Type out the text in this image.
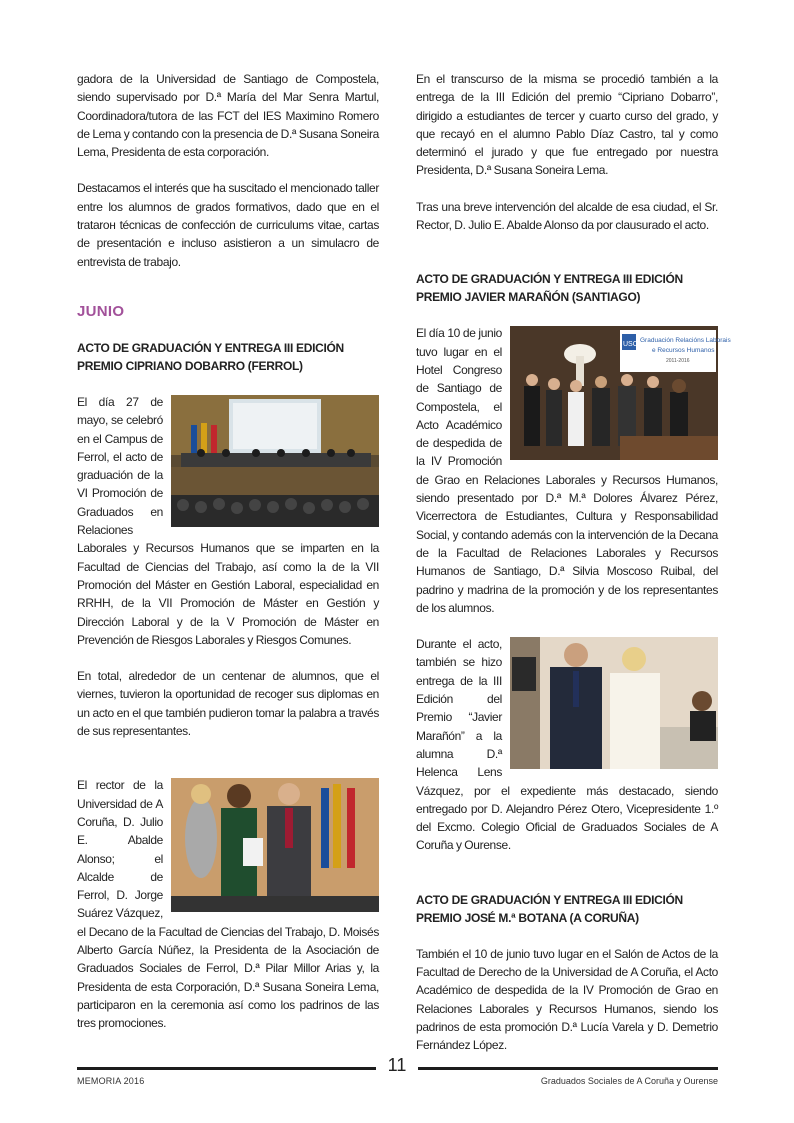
gadora de la Universidad de Santiago de Compostela, siendo supervisado por D.ª María del Mar Senra Martul, Coordinadora/tutora de las FCT del IES Maximino Romero de Lema y contando con la presencia de D.ª Susana Soneira Lema, Presidenta de esta corporación.

Destacamos el interés que ha suscitado el mencionado taller entre los alumnos de grados formativos, dado que en el tratarон técnicas de confección de curriculums vitae, cartas de presentación e incluso asistieron a un simulacro de entrevista de trabajo.

JUNIO
ACTO DE GRADUACIÓN Y ENTREGA III EDICIÓN PREMIO CIPRIANO DOBARRO (FERROL)

El día 27 de mayo, se celebró en el Campus de Ferrol, el acto de graduación de la VI Promoción de Graduados en Relaciones Laborales y Recursos Humanos que se imparten en la Facultad de Ciencias del Trabajo, así como la de la VII Promoción del Máster en Gestión Laboral, especialidad en RRHH, de la VII Promoción de Máster en Gestión y Dirección Laboral y de la V Promoción de Máster en Prevención de Riesgos Laborales y Riesgos Comunes.

En total, alrededor de un centenar de alumnos, que el viernes, tuvieron la oportunidad de recoger sus diplomas en un acto en el que también pudieron tomar la palabra a través de sus representantes.

El rector de la Universidad de A Coruña, D. Julio E. Abalde Alonso; el Alcalde de Ferrol, D. Jorge Suárez Vázquez, el Decano de la Facultad de Ciencias del Trabajo, D. Moisés Alberto García Núñez, la Presidenta de la Asociación de Graduados Sociales de Ferrol, D.ª Pilar Millor Arias y, la Presidenta de esta Corporación, D.ª Susana Soneira Lema, participaron en la ceremonia así como los padrinos de las tres promociones.

En el transcurso de la misma se procedió también a la entrega de la III Edición del premio “Cipriano Dobarro”, dirigido a estudiantes de tercer y cuarto curso del grado, y que recayó en el alumno Pablo Díaz Castro, tal y como determinó el jurado y que fue entregado por nuestra Presidenta, D.ª Susana Soneira Lema.

Tras una breve intervención del alcalde de esa ciudad, el Sr. Rector, D. Julio E. Abalde Alonso da por clausurado el acto.

ACTO DE GRADUACIÓN Y ENTREGA III EDICIÓN PREMIO JAVIER MARAÑÓN (SANTIAGO)
USC
Graduación Relacións Laborais
e Recursos Humanos
2011-2016

El día 10 de junio tuvo lugar en el Hotel Congreso de Santiago de Compostela, el Acto Académico de despedida de la IV Promoción de Grao en Relaciones Laborales y Recursos Humanos, siendo presentado por D.ª M.ª Dolores Álvarez Pérez, Vicerrectora de Estudiantes, Cultura y Responsabilidad Social, y contando además con la intervención de la Decana de la Facultad de Relaciones Laborales y Recursos Humanos de Santiago, D.ª Silvia Moscoso Ruibal, del padrino y madrina de la promoción y de los representantes de los alumnos.

Durante el acto, también se hizo entrega de la III Edición del Premio “Javier Marañón” a la alumna D.ª Helenca Lens Vázquez, por el expediente más destacado, siendo entregado por D. Alejandro Pérez Otero, Vicepresidente 1.º del Excmo. Colegio Oficial de Graduados Sociales de A Coruña y Ourense.

ACTO DE GRADUACIÓN Y ENTREGA III EDICIÓN PREMIO JOSÉ M.ª BOTANA (A CORUÑA)

También el 10 de junio tuvo lugar en el Salón de Actos de la Facultad de Derecho de la Universidad de A Coruña, el Acto Académico de despedida de la IV Promoción de Grao en Relaciones Laborales y Recursos Humanos, siendo los padrinos de esta promoción D.ª Lucía Varela y D. Demetrio Fernández López.

11
MEMORIA 2016	Graduados Sociales de A Coruña y Ourense
